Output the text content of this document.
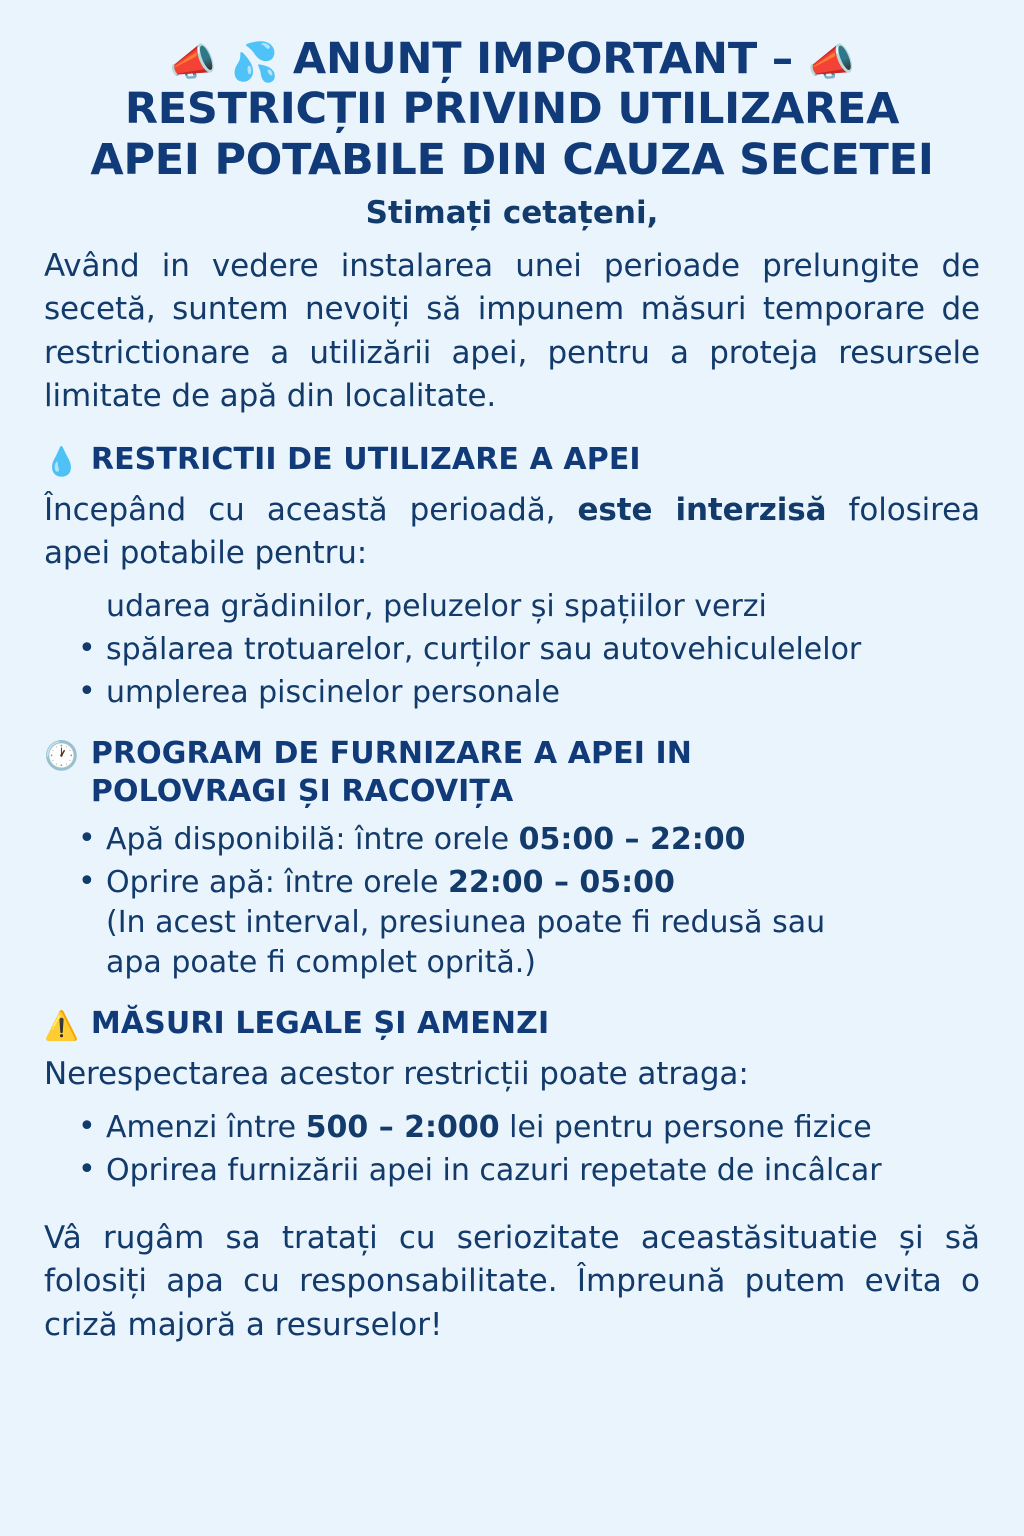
📣 💦 ANUNȚ IMPORTANT – 📣
RESTRICȚII PRIVIND UTILIZAREA
APEI POTABILE DIN CAUZA SECETEI
Stimați cetațeni,

Având in vedere instalarea unei perioade prelungite de secetă, suntem nevoiți să impunem măsuri temporare de restrictionare a utilizării apei, pentru a proteja resursele limitate de apă din localitate.

💧 RESTRICTII DE UTILIZARE A APEI

Începând cu această perioadă, este interzisă folosirea apei potabile pentru:

udarea grădinilor, peluzelor și spațiilor verzi
• spălarea trotuarelor, curților sau autovehiculelelor
• umplerea piscinelor personale
🕐 PROGRAM DE FURNIZARE A APEI IN
POLOVRAGI ȘI RACOVIȚA
• Apă disponibilă: între orele 05:00 – 22:00
• Oprire apă: între orele 22:00 – 05:00
(In acest interval, presiunea poate fi redusă sau
apa poate fi complet oprită.)
⚠️ MĂSURI LEGALE ȘI AMENZI

Nerespectarea acestor restricții poate atraga:

• Amenzi între 500 – 2:000 lei pentru persone fizice
• Oprirea furnizării apei in cazuri repetate de incâlcar

Vâ rugâm sa tratați cu seriozitate aceastăsituatie și să folosiți apa cu responsabilitate. Împreună putem evita o criză majoră a resurselor!
